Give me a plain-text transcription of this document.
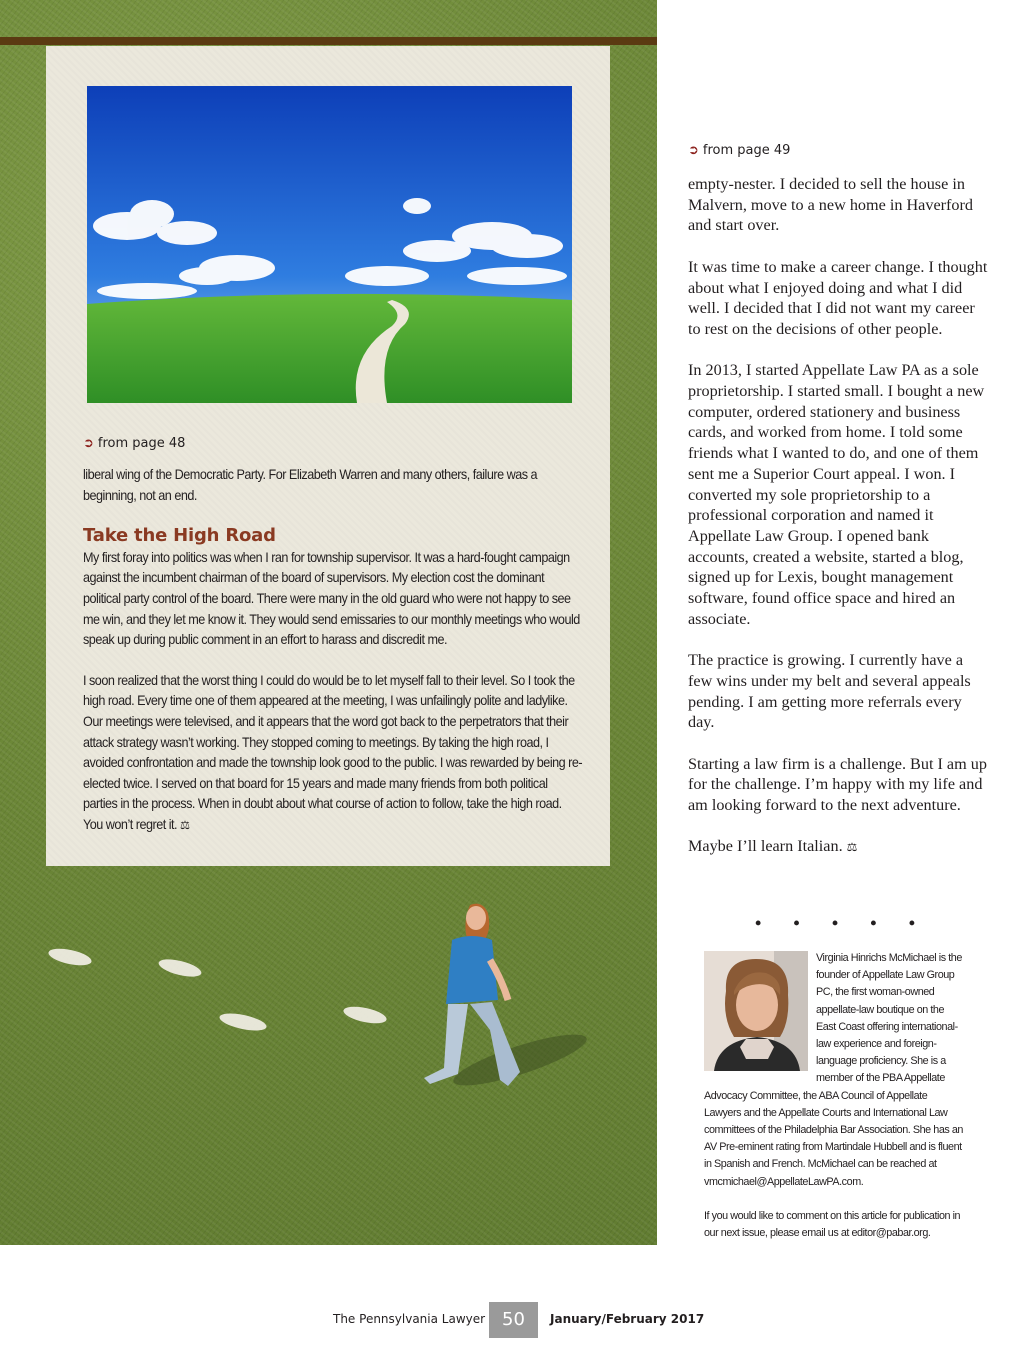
➲ from page 48

liberal wing of the Democratic Party. For Elizabeth Warren and many others, failure was a beginning, not an end.

Take the High Road

My first foray into politics was when I ran for township supervisor. It was a hard-fought campaign against the incumbent chairman of the board of supervisors. My election cost the dominant political party control of the board. There were many in the old guard who were not happy to see me win, and they let me know it. They would send emissaries to our monthly meetings who would speak up during public comment in an effort to harass and discredit me.

I soon realized that the worst thing I could do would be to let myself fall to their level. So I took the high road. Every time one of them appeared at the meeting, I was unfailingly polite and ladylike. Our meetings were televised, and it appears that the word got back to the perpetrators that their attack strategy wasn’t working. They stopped coming to meetings. By taking the high road, I avoided confrontation and made the township look good to the public. I was rewarded by being re-elected twice. I served on that board for 15 years and made many friends from both political parties in the process. When in doubt about what course of action to follow, take the high road. You won’t regret it. ⚖

➲ from page 49

empty-nester. I decided to sell the house in Malvern, move to a new home in Haverford and start over.

It was time to make a career change. I thought about what I enjoyed doing and what I did well. I decided that I did not want my career to rest on the decisions of other people.

In 2013, I started Appellate Law PA as a sole proprietorship. I started small. I bought a new computer, ordered stationery and business cards, and worked from home. I told some friends what I wanted to do, and one of them sent me a Superior Court appeal. I won. I converted my sole proprietorship to a professional corporation and named it Appellate Law Group. I opened bank accounts, created a website, started a blog, signed up for Lexis, bought management software, found office space and hired an associate.

The practice is growing. I currently have a few wins under my belt and several appeals pending. I am getting more referrals every day.

Starting a law firm is a challenge. But I am up for the challenge. I’m happy with my life and am looking forward to the next adventure.

Maybe I’ll learn Italian. ⚖

• • • • •

Virginia Hinrichs McMichael is the founder of Appellate Law Group PC, the first woman-owned appellate-law boutique on the East Coast offering international-law experience and foreign-language proficiency. She is a member of the PBA Appellate Advocacy Committee, the ABA Council of Appellate Lawyers and the Appellate Courts and International Law committees of the Philadelphia Bar Association. She has an AV Pre-eminent rating from Martindale Hubbell and is fluent in Spanish and French. McMichael can be reached at vmcmichael@AppellateLawPA.com.

If you would like to comment on this article for publication in our next issue, please email us at editor@pabar.org.

The Pennsylvania Lawyer 50	January/February 2017
